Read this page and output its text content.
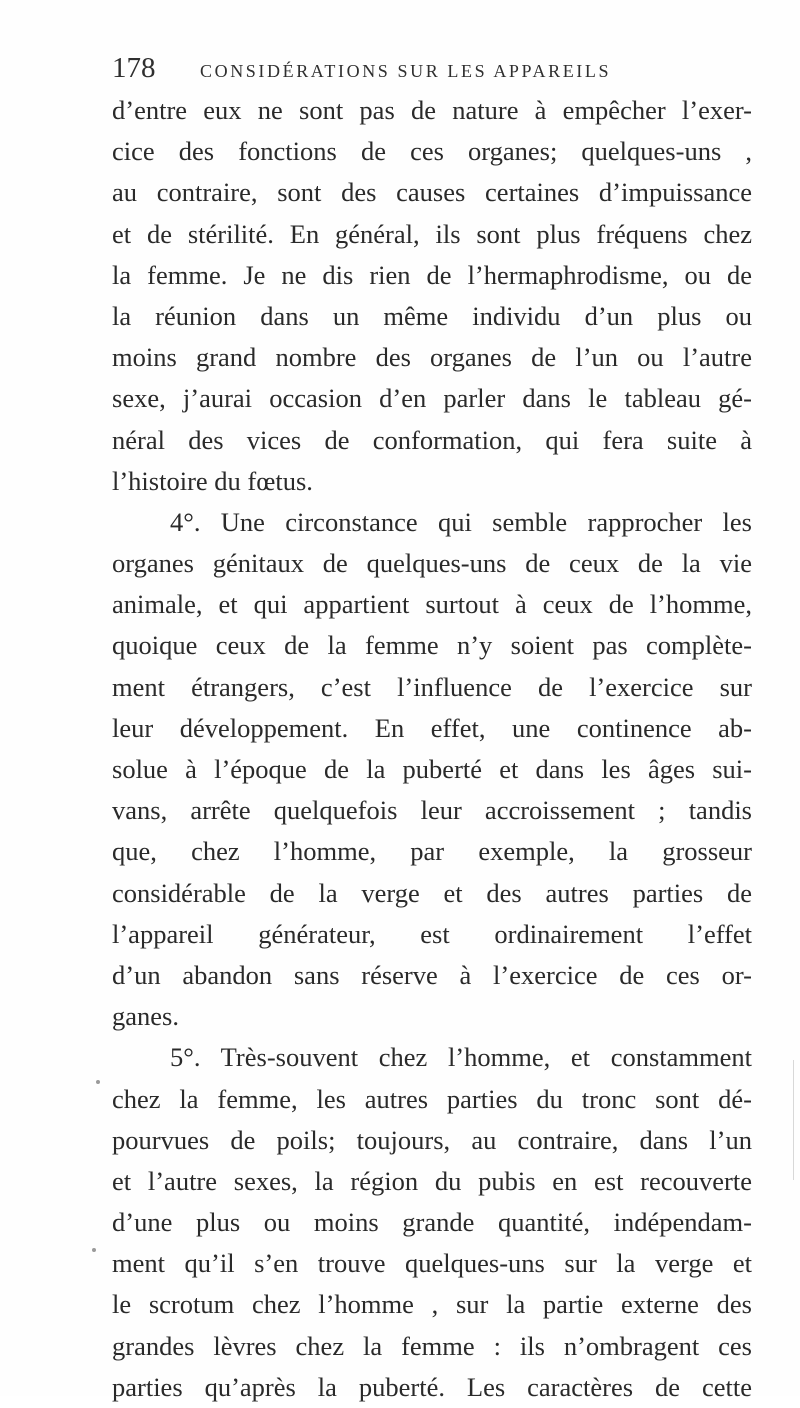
178	CONSIDÉRATIONS SUR LES APPAREILS
d’entre eux ne sont pas de nature à empêcher l’exer-
cice des fonctions de ces organes; quelques-uns ,
au contraire, sont des causes certaines d’impuissance
et de stérilité. En général, ils sont plus fréquens chez
la femme. Je ne dis rien de l’hermaphrodisme, ou de
la réunion dans un même individu d’un plus ou
moins grand nombre des organes de l’un ou l’autre
sexe, j’aurai occasion d’en parler dans le tableau gé-
néral des vices de conformation, qui fera suite à
l’histoire du fœtus.
4°. Une circonstance qui semble rapprocher les
organes génitaux de quelques-uns de ceux de la vie
animale, et qui appartient surtout à ceux de l’homme,
quoique ceux de la femme n’y soient pas complète-
ment étrangers, c’est l’influence de l’exercice sur
leur développement. En effet, une continence ab-
solue à l’époque de la puberté et dans les âges sui-
vans, arrête quelquefois leur accroissement ; tandis
que, chez l’homme, par exemple, la grosseur
considérable de la verge et des autres parties de
l’appareil générateur, est ordinairement l’effet
d’un abandon sans réserve à l’exercice de ces or-
ganes.
5°. Très-souvent chez l’homme, et constamment
chez la femme, les autres parties du tronc sont dé-
pourvues de poils; toujours, au contraire, dans l’un
et l’autre sexes, la région du pubis en est recouverte
d’une plus ou moins grande quantité, indépendam-
ment qu’il s’en trouve quelques-uns sur la verge et
le scrotum chez l’homme , sur la partie externe des
grandes lèvres chez la femme : ils n’ombragent ces
parties qu’après la puberté. Les caractères de cette
